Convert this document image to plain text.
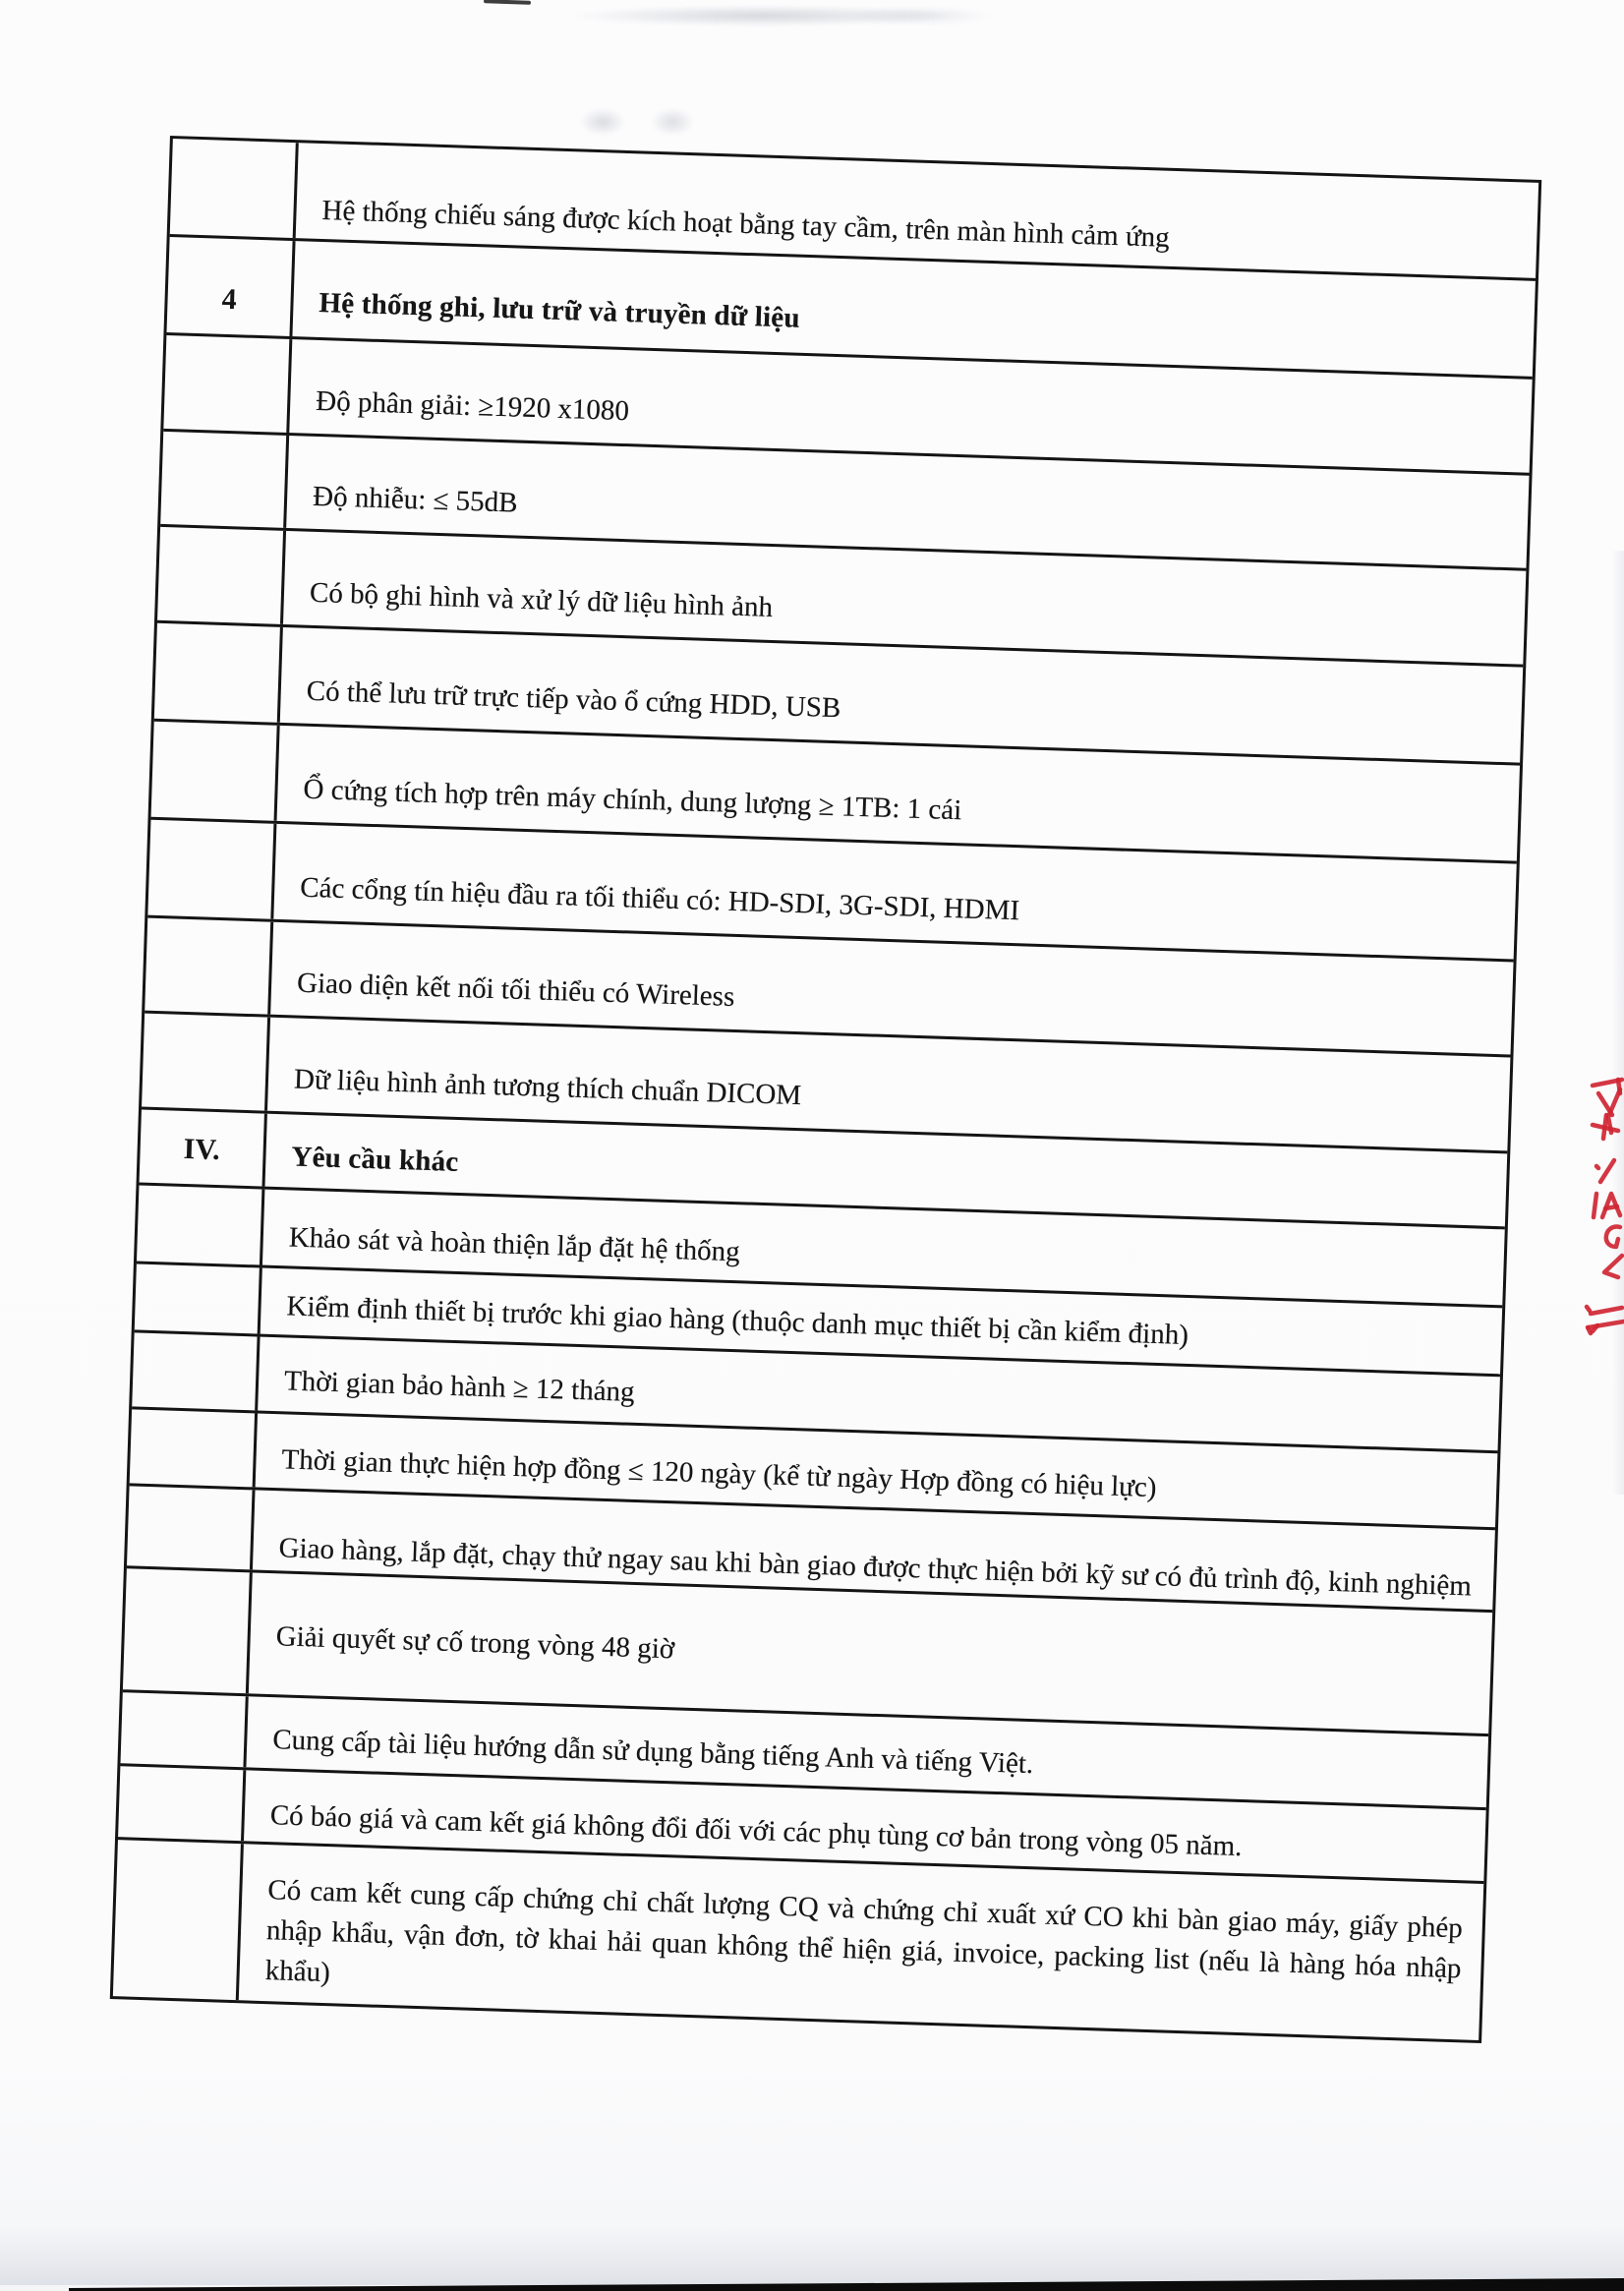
Hệ thống chiếu sáng được kích hoạt bằng tay cầm, trên màn hình cảm ứng
4	Hệ thống ghi, lưu trữ và truyền dữ liệu
Độ phân giải: ≥1920 x1080
Độ nhiễu: ≤ 55dB
Có bộ ghi hình và xử lý dữ liệu hình ảnh
Có thể lưu trữ trực tiếp vào ổ cứng HDD, USB
Ổ cứng tích hợp trên máy chính, dung lượng ≥ 1TB: 1 cái
Các cổng tín hiệu đầu ra tối thiểu có: HD-SDI, 3G-SDI, HDMI
Giao diện kết nối tối thiểu có Wireless
Dữ liệu hình ảnh tương thích chuẩn DICOM
IV.	Yêu cầu khác
Khảo sát và hoàn thiện lắp đặt hệ thống
Kiểm định thiết bị trước khi giao hàng (thuộc danh mục thiết bị cần kiểm định)
Thời gian bảo hành ≥ 12 tháng
Thời gian thực hiện hợp đồng ≤ 120 ngày (kể từ ngày Hợp đồng có hiệu lực)
Giao hàng, lắp đặt, chạy thử ngay sau khi bàn giao được thực hiện bởi kỹ sư có đủ trình độ, kinh nghiệm
Giải quyết sự cố trong vòng 48 giờ
Cung cấp tài liệu hướng dẫn sử dụng bằng tiếng Anh và tiếng Việt.
Có báo giá và cam kết giá không đổi đối với các phụ tùng cơ bản trong vòng 05 năm.
Có cam kết cung cấp chứng chỉ chất lượng CQ và chứng chỉ xuất xứ CO khi bàn giao máy, giấy phép nhập khẩu, vận đơn, tờ khai hải quan không thể hiện giá, invoice, packing list (nếu là hàng hóa nhập khẩu)
